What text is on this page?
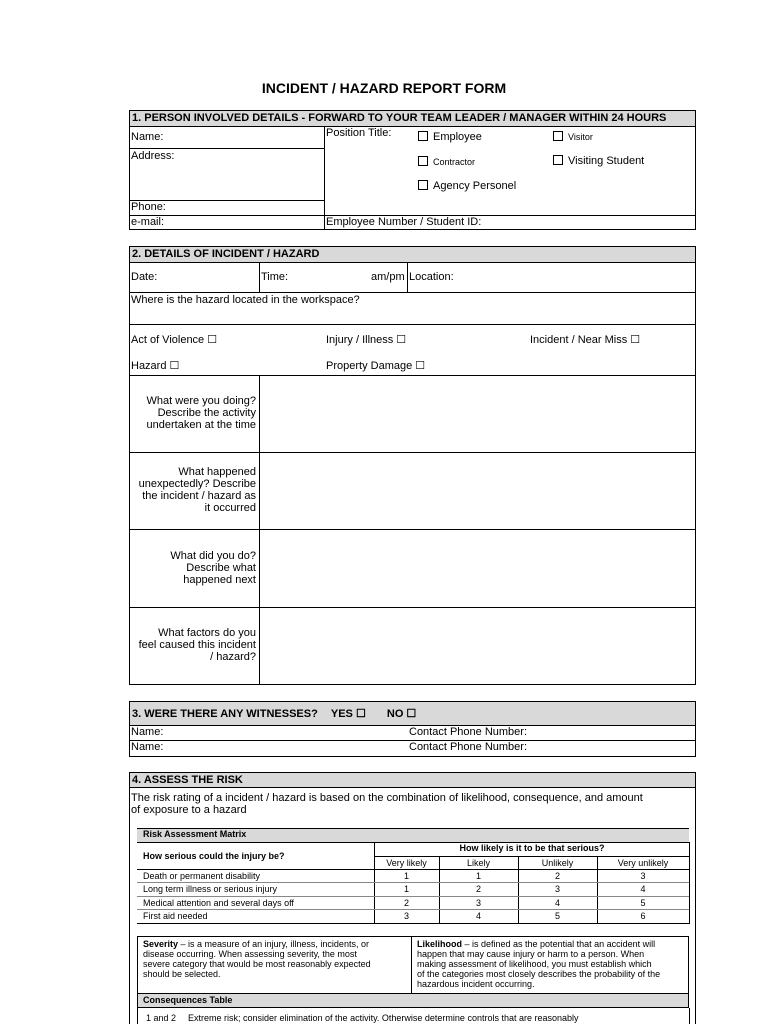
INCIDENT / HAZARD REPORT FORM
1. PERSON INVOLVED DETAILS - FORWARD TO YOUR TEAM LEADER / MANAGER WITHIN 24 HOURS
Name:
Address:
Phone:
e-mail:
Position Title:	Employee	Visitor
Contractor	Visiting Student
Agency Personel
Employee Number / Student ID:
2. DETAILS OF INCIDENT / HAZARD
Date:	Time:	am/pm Location:
Where is the hazard located in the workspace?
Act of Violence ☐	Injury / Illness ☐	Incident / Near Miss ☐
Hazard ☐	Property Damage ☐
What were you doing?
Describe the activity
undertaken at the time
What happened
unexpectedly? Describe
the incident / hazard as
it occurred
What did you do?
Describe what
happened next
What factors do you
feel caused this incident
/ hazard?
3. WERE THERE ANY WITNESSES? YES ☐ NO ☐
Name:	Contact Phone Number:
Name:	Contact Phone Number:
4. ASSESS THE RISK
The risk rating of a incident / hazard is based on the combination of likelihood, consequence, and amount
of exposure to a hazard
Risk Assessment Matrix
How serious could the injury be?
How likely is it to be that serious?
Very likely	Likely	Unlikely	Very unlikely
Death or permanent disability	1	1	2	3
Long term illness or serious injury	1	2	3	4
Medical attention and several days off	2	3	4	5
First aid needed	3	4	5	6
Severity – is a measure of an injury, illness, incidents, or
disease occurring. When assessing severity, the most
severe category that would be most reasonably expected
should be selected.
Likelihood – is defined as the potential that an accident will
happen that may cause injury or harm to a person. When
making assessment of likelihood, you must establish which
of the categories most closely describes the probability of the
hazardous incident occurring.
Consequences Table
1 and 2 Extreme risk; consider elimination of the activity. Otherwise determine controls that are reasonably
